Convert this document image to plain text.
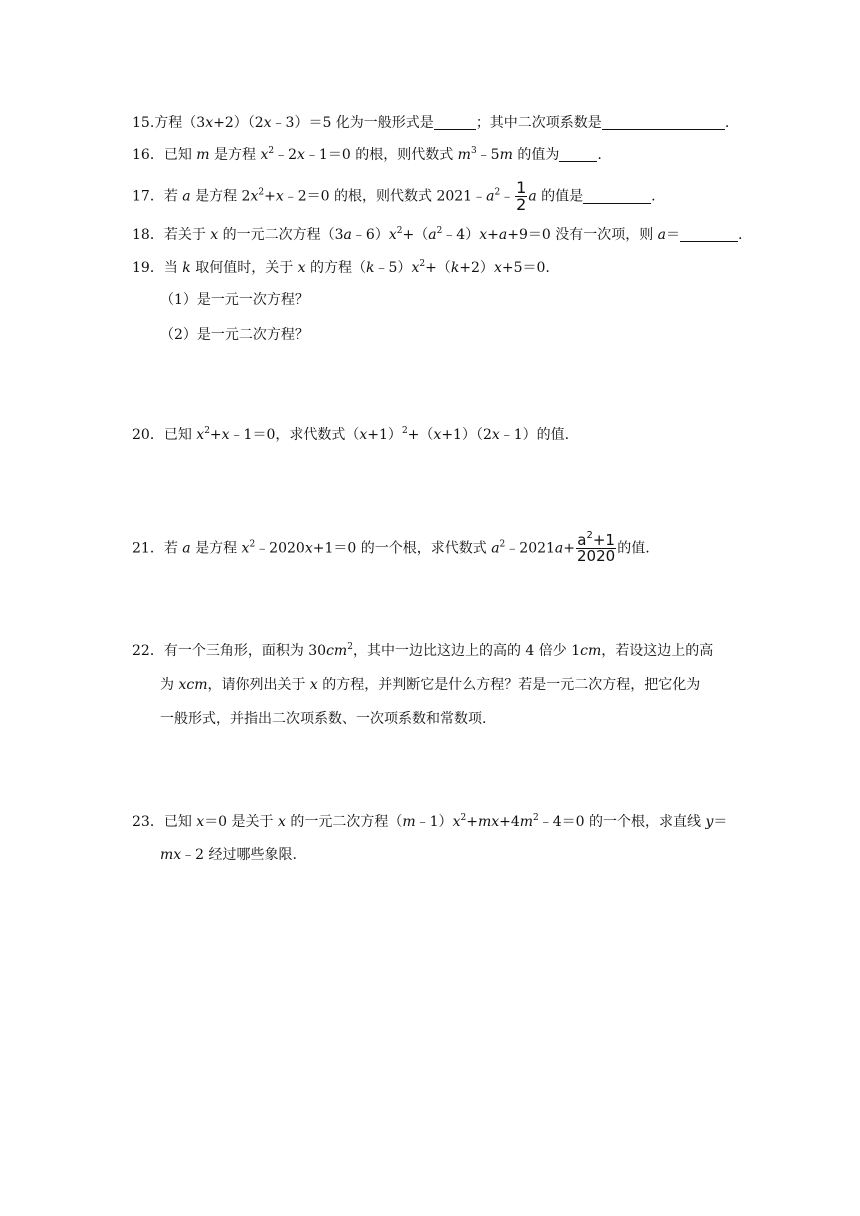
15.方程（3x+2）（2x﹣3）＝5 化为一般形式是	；其中二次项系数是	.
16．已知 m 是方程 $x^2﹣2x﹣1=0$ 的根，则代数式 $m^3﹣5m$ 的值为	.
17．若 a 是方程 $2x^2+x﹣2=0$ 的根，则代数式 $2021﹣a^2﹣ \frac{1}{2}$ a 的值是	.
18．若关于 x 的一元二次方程$(3a﹣6)x^2+(a^2﹣4)x+a+9=0$ 没有一次项，则 a＝	.
19．当 k 取何值时，关于 x 的方程$(k﹣5)x^2+(k+2)x+5=0$.
（1）是一元一次方程？
（2）是一元二次方程？
20．已知 $x^2+x﹣1=0$，求代数式$(x+1)^2+(x+1)(2x﹣1)$的值.
21．若 a 是方程 $x^2﹣2020x+1=0$ 的一个根，求代数式 $a^2﹣2021a+ \frac{a^2+1}{2020}$ 的值.
22．有一个三角形，面积为 $30cm^2$，其中一边比这边上的高的 4 倍少 1cm，若设这边上的高
为 xcm，请你列出关于 x 的方程，并判断它是什么方程？若是一元二次方程，把它化为
一般形式，并指出二次项系数、一次项系数和常数项.
23．已知 x＝0 是关于 x 的一元二次方程$(m﹣1)x^2+mx+4m^2﹣4=0$ 的一个根，求直线 y＝
mx﹣2 经过哪些象限.
